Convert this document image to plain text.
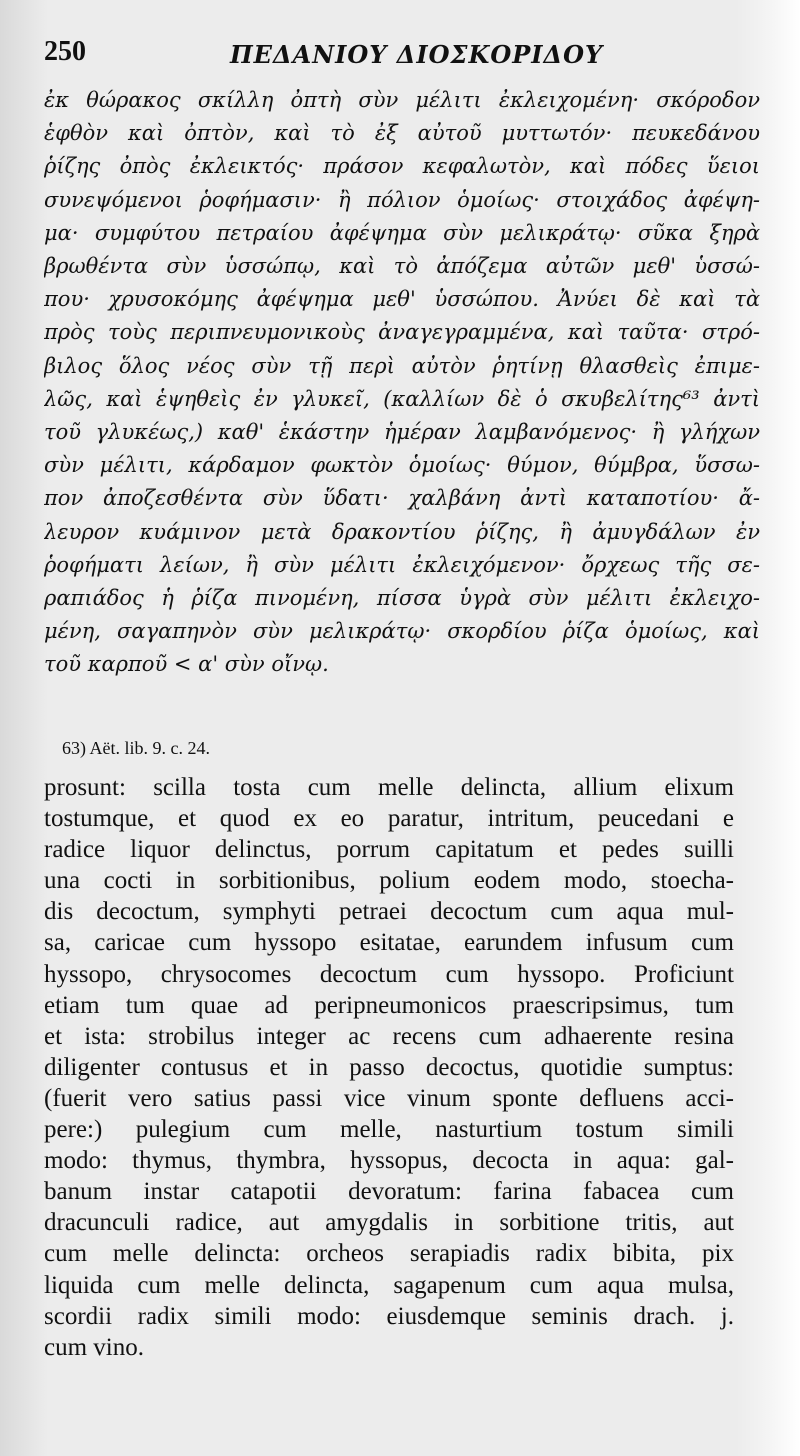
250	ΠΕΔΑΝΙΟΥ ΔΙΟΣΚΟΡΙΔΟΥ
ἐκ θώρακος σκίλλη ὀπτὴ σὺν μέλιτι ἐκλειχομένη· σκόροδον
ἑφθὸν καὶ ὀπτὸν, καὶ τὸ ἐξ αὐτοῦ μυττωτόν· πευκεδάνου
ῥίζης ὀπὸς ἐκλεικτός· πράσον κεφαλωτὸν, καὶ πόδες ὕειοι
συνεψόμενοι ῥοφήμασιν· ἢ πόλιον ὁμοίως· στοιχάδος ἀφέψη-
μα· συμφύτου πετραίου ἀφέψημα σὺν μελικράτῳ· σῦκα ξηρὰ
βρωθέντα σὺν ὑσσώπῳ, καὶ τὸ ἀπόζεμα αὐτῶν μεθ' ὑσσώ-
που· χρυσοκόμης ἀφέψημα μεθ' ὑσσώπου. Ἀνύει δὲ καὶ τὰ
πρὸς τοὺς περιπνευμονικοὺς ἀναγεγραμμένα, καὶ ταῦτα· στρό-
βιλος ὅλος νέος σὺν τῇ περὶ αὐτὸν ῥητίνῃ θλασθεὶς ἐπιμε-
λῶς, καὶ ἑψηθεὶς ἐν γλυκεῖ, (καλλίων δὲ ὁ σκυβελίτης⁶³ ἀντὶ
τοῦ γλυκέως,) καθ' ἑκάστην ἡμέραν λαμβανόμενος· ἢ γλήχων
σὺν μέλιτι, κάρδαμον φωκτὸν ὁμοίως· θύμον, θύμβρα, ὕσσω-
πον ἀποζεσθέντα σὺν ὕδατι· χαλβάνη ἀντὶ καταποτίου· ἄ-
λευρον κυάμινον μετὰ δρακοντίου ῥίζης, ἢ ἀμυγδάλων ἐν
ῥοφήματι λείων, ἢ σὺν μέλιτι ἐκλειχόμενον· ὄρχεως τῆς σε-
ραπιάδος ἡ ῥίζα πινομένη, πίσσα ὑγρὰ σὺν μέλιτι ἐκλειχο-
μένη, σαγαπηνὸν σὺν μελικράτῳ· σκορδίου ῥίζα ὁμοίως, καὶ
τοῦ καρποῦ < α' σὺν οἴνῳ.
63) Aët. lib. 9. c. 24.
prosunt: scilla tosta cum melle delincta, allium elixum
tostumque, et quod ex eo paratur, intritum, peucedani e
radice liquor delinctus, porrum capitatum et pedes suilli
una cocti in sorbitionibus, polium eodem modo, stoecha-
dis decoctum, symphyti petraei decoctum cum aqua mul-
sa, caricae cum hyssopo esitatae, earundem infusum cum
hyssopo, chrysocomes decoctum cum hyssopo. Proficiunt
etiam tum quae ad peripneumonicos praescripsimus, tum
et ista: strobilus integer ac recens cum adhaerente resina
diligenter contusus et in passo decoctus, quotidie sumptus:
(fuerit vero satius passi vice vinum sponte defluens acci-
pere:) pulegium cum melle, nasturtium tostum simili
modo: thymus, thymbra, hyssopus, decocta in aqua: gal-
banum instar catapotii devoratum: farina fabacea cum
dracunculi radice, aut amygdalis in sorbitione tritis, aut
cum melle delincta: orcheos serapiadis radix bibita, pix
liquida cum melle delincta, sagapenum cum aqua mulsa,
scordii radix simili modo: eiusdemque seminis drach. j.
cum vino.
